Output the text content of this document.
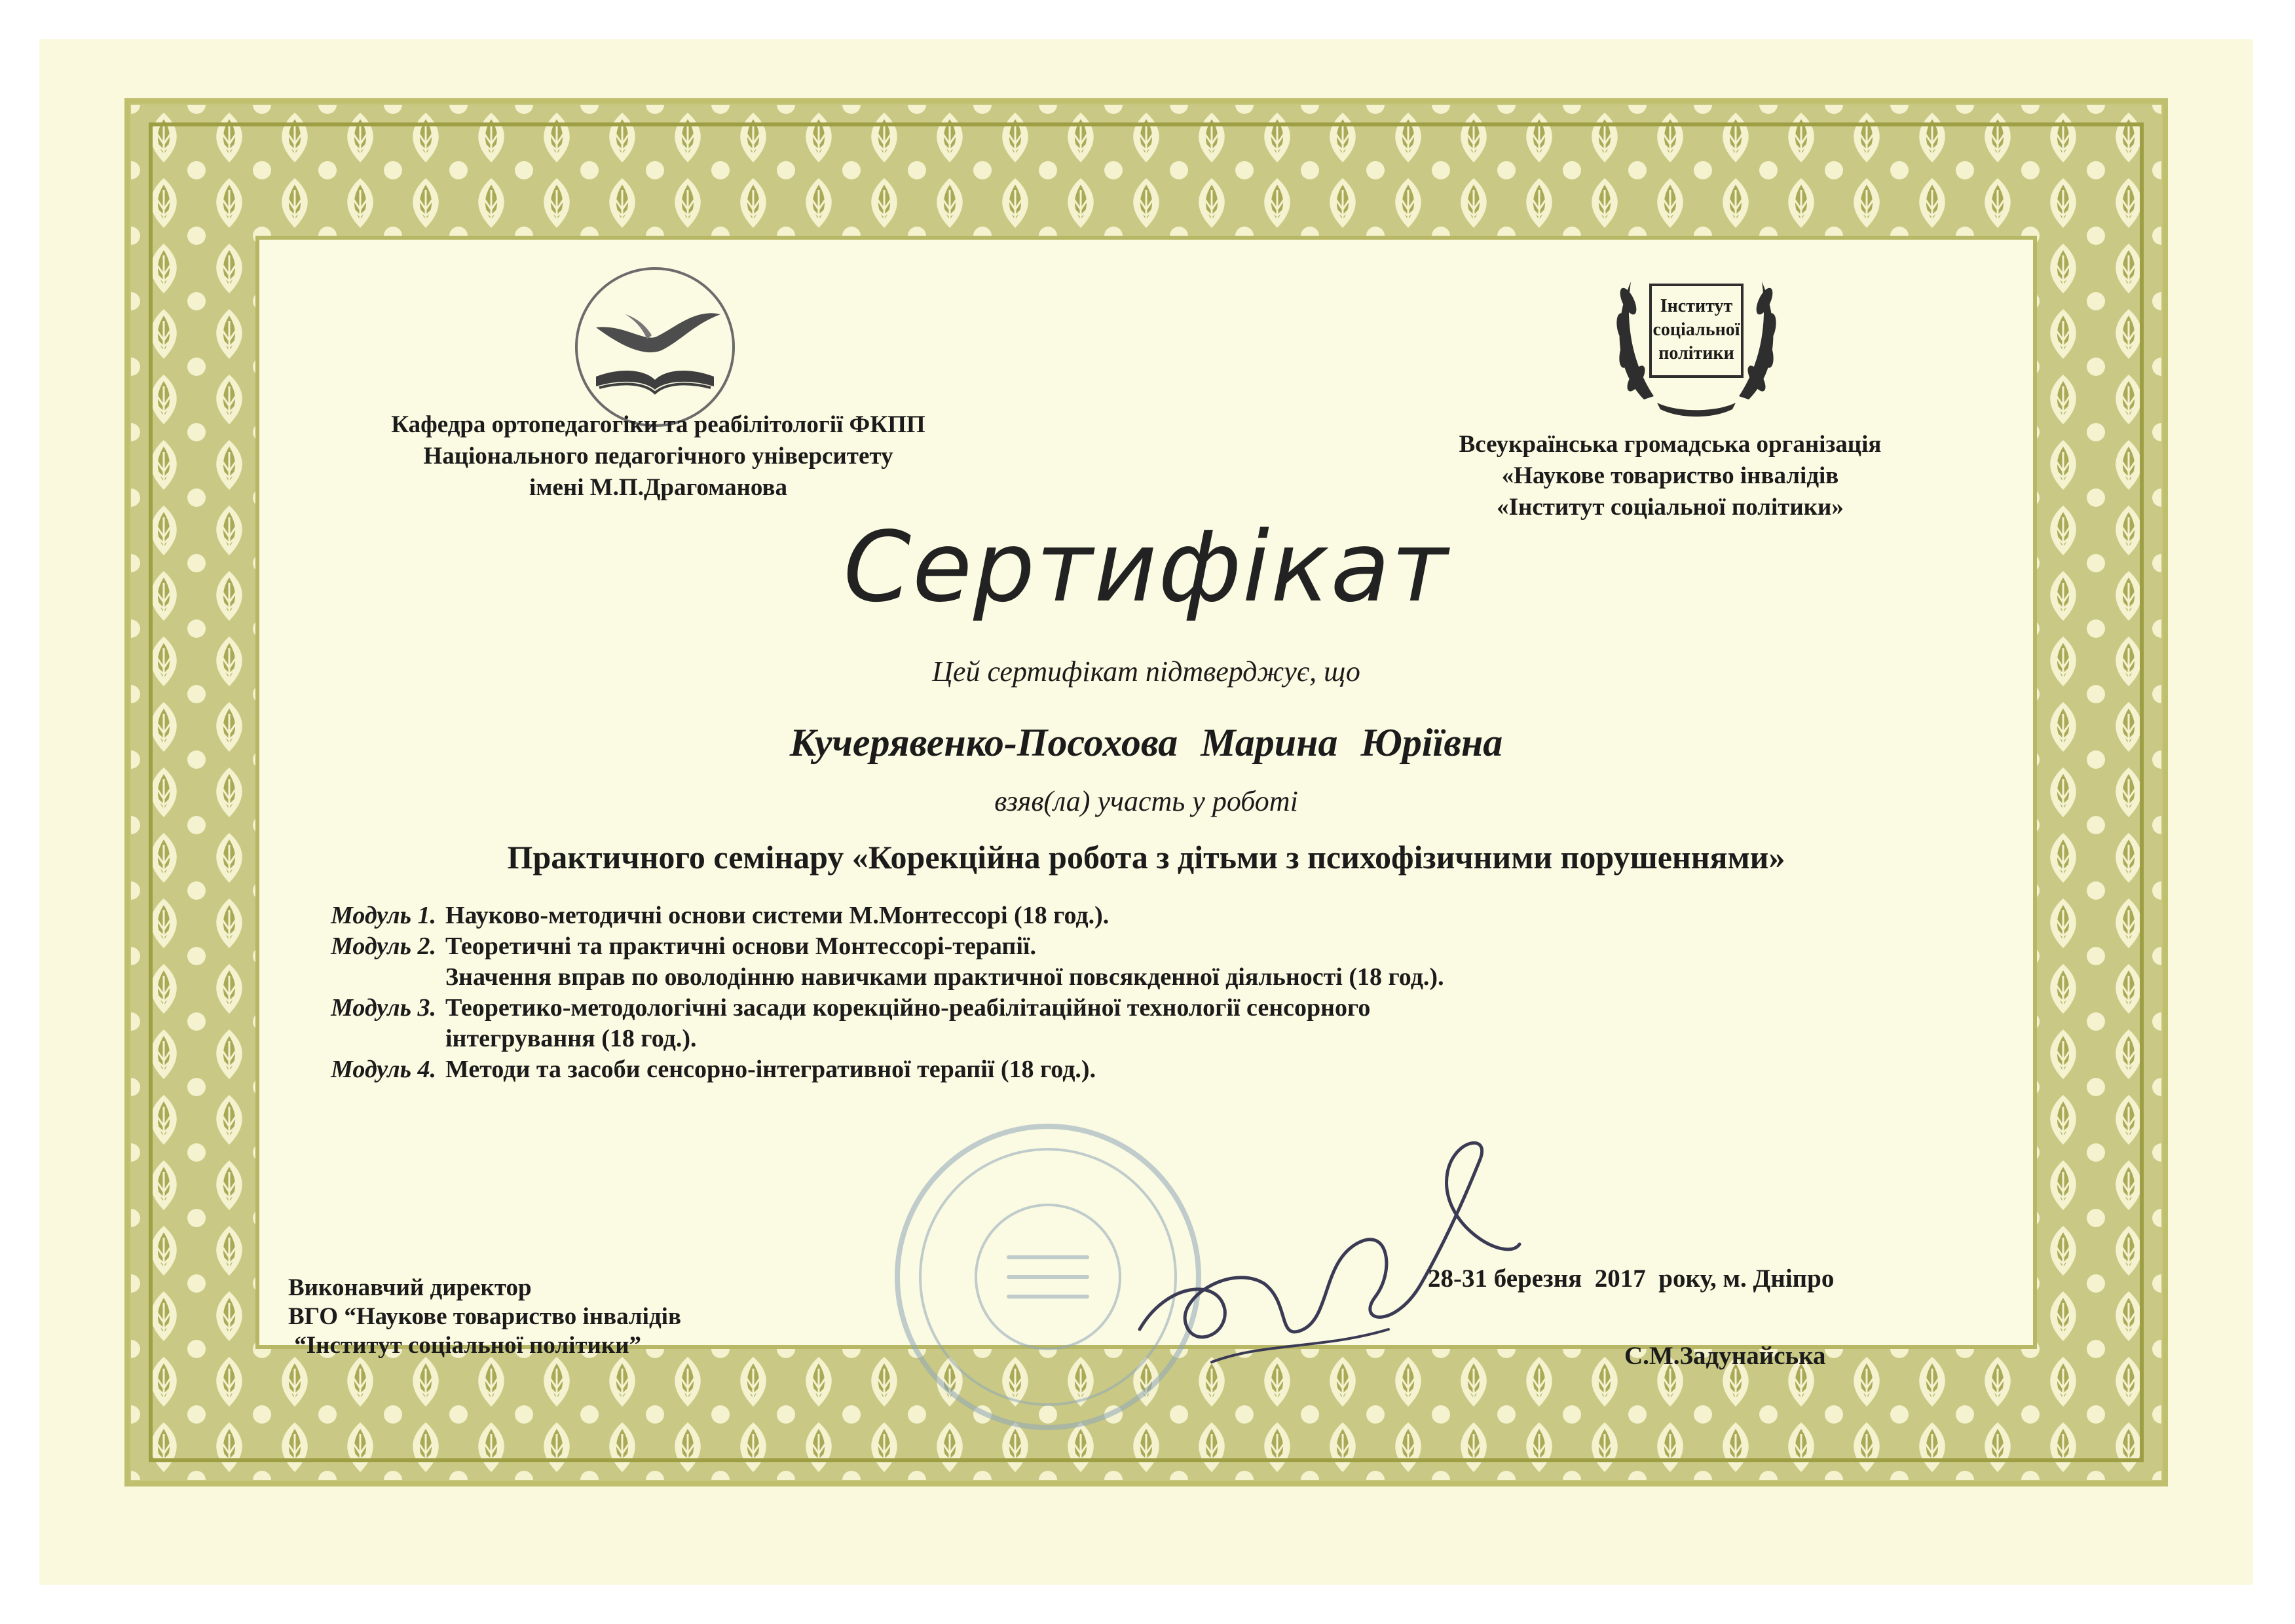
Інститут
соціальної
політики
Кафедра ортопедагогіки та реабілітології ФКПП
Національного педагогічного університету
імені М.П.Драгоманова
Всеукраїнська громадська організація
«Наукове товариство інвалідів
«Інститут соціальної політики»
Сертифікат
Цей сертифікат підтверджує, що
Кучерявенко-Посохова Марина Юріївна
взяв(ла) участь у роботі
Практичного семінару «Корекційна робота з дітьми з психофізичними порушеннями»
Модуль 1. Науково-методичні основи системи М.Монтессорі (18 год.).
Модуль 2. Теоретичні та практичні основи Монтессорі-терапії.
Значення вправ по оволодінню навичками практичної повсякденної діяльності (18 год.).
Модуль 3. Теоретико-методологічні засади корекційно-реабілітаційної технології сенсорного
інтегрування (18 год.).
Модуль 4. Методи та засоби сенсорно-інтегративної терапії (18 год.).
Виконавчий директор
ВГО “Наукове товариство інвалідів
“Інститут соціальної політики”
28-31 березня  2017  року, м. Дніпро
С.М.Задунайська
